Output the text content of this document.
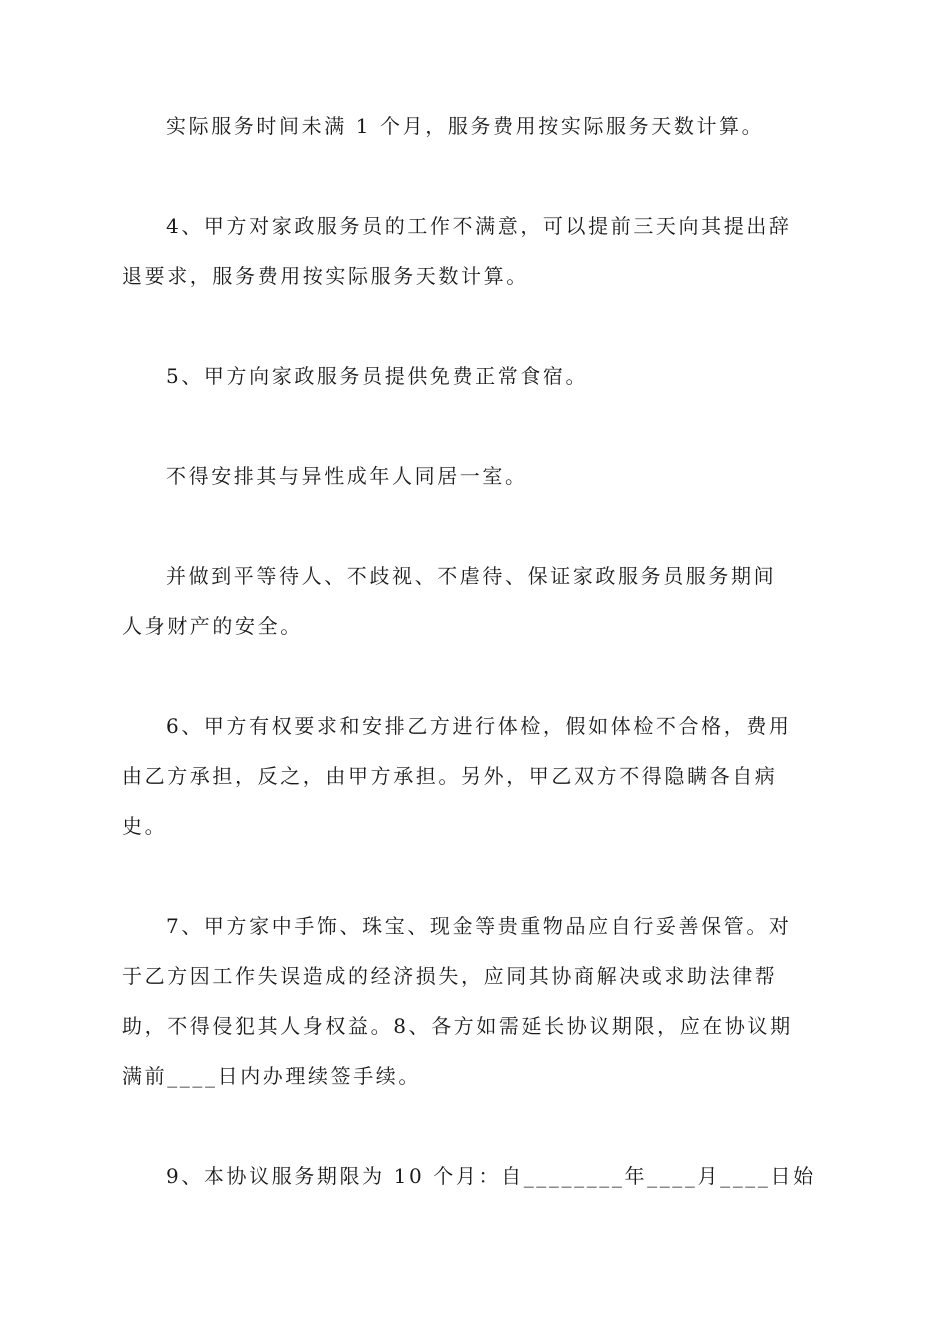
实际服务时间未满 1 个月，服务费用按实际服务天数计算。
4、甲方对家政服务员的工作不满意，可以提前三天向其提出辞
退要求，服务费用按实际服务天数计算。
5、甲方向家政服务员提供免费正常食宿。
不得安排其与异性成年人同居一室。
并做到平等待人、不歧视、不虐待、保证家政服务员服务期间
人身财产的安全。
6、甲方有权要求和安排乙方进行体检，假如体检不合格，费用
由乙方承担，反之，由甲方承担。另外，甲乙双方不得隐瞒各自病
史。
7、甲方家中手饰、珠宝、现金等贵重物品应自行妥善保管。对
于乙方因工作失误造成的经济损失，应同其协商解决或求助法律帮
助，不得侵犯其人身权益。8、各方如需延长协议期限，应在协议期
满前____日内办理续签手续。
9、本协议服务期限为 10 个月：自________年____月____日始
